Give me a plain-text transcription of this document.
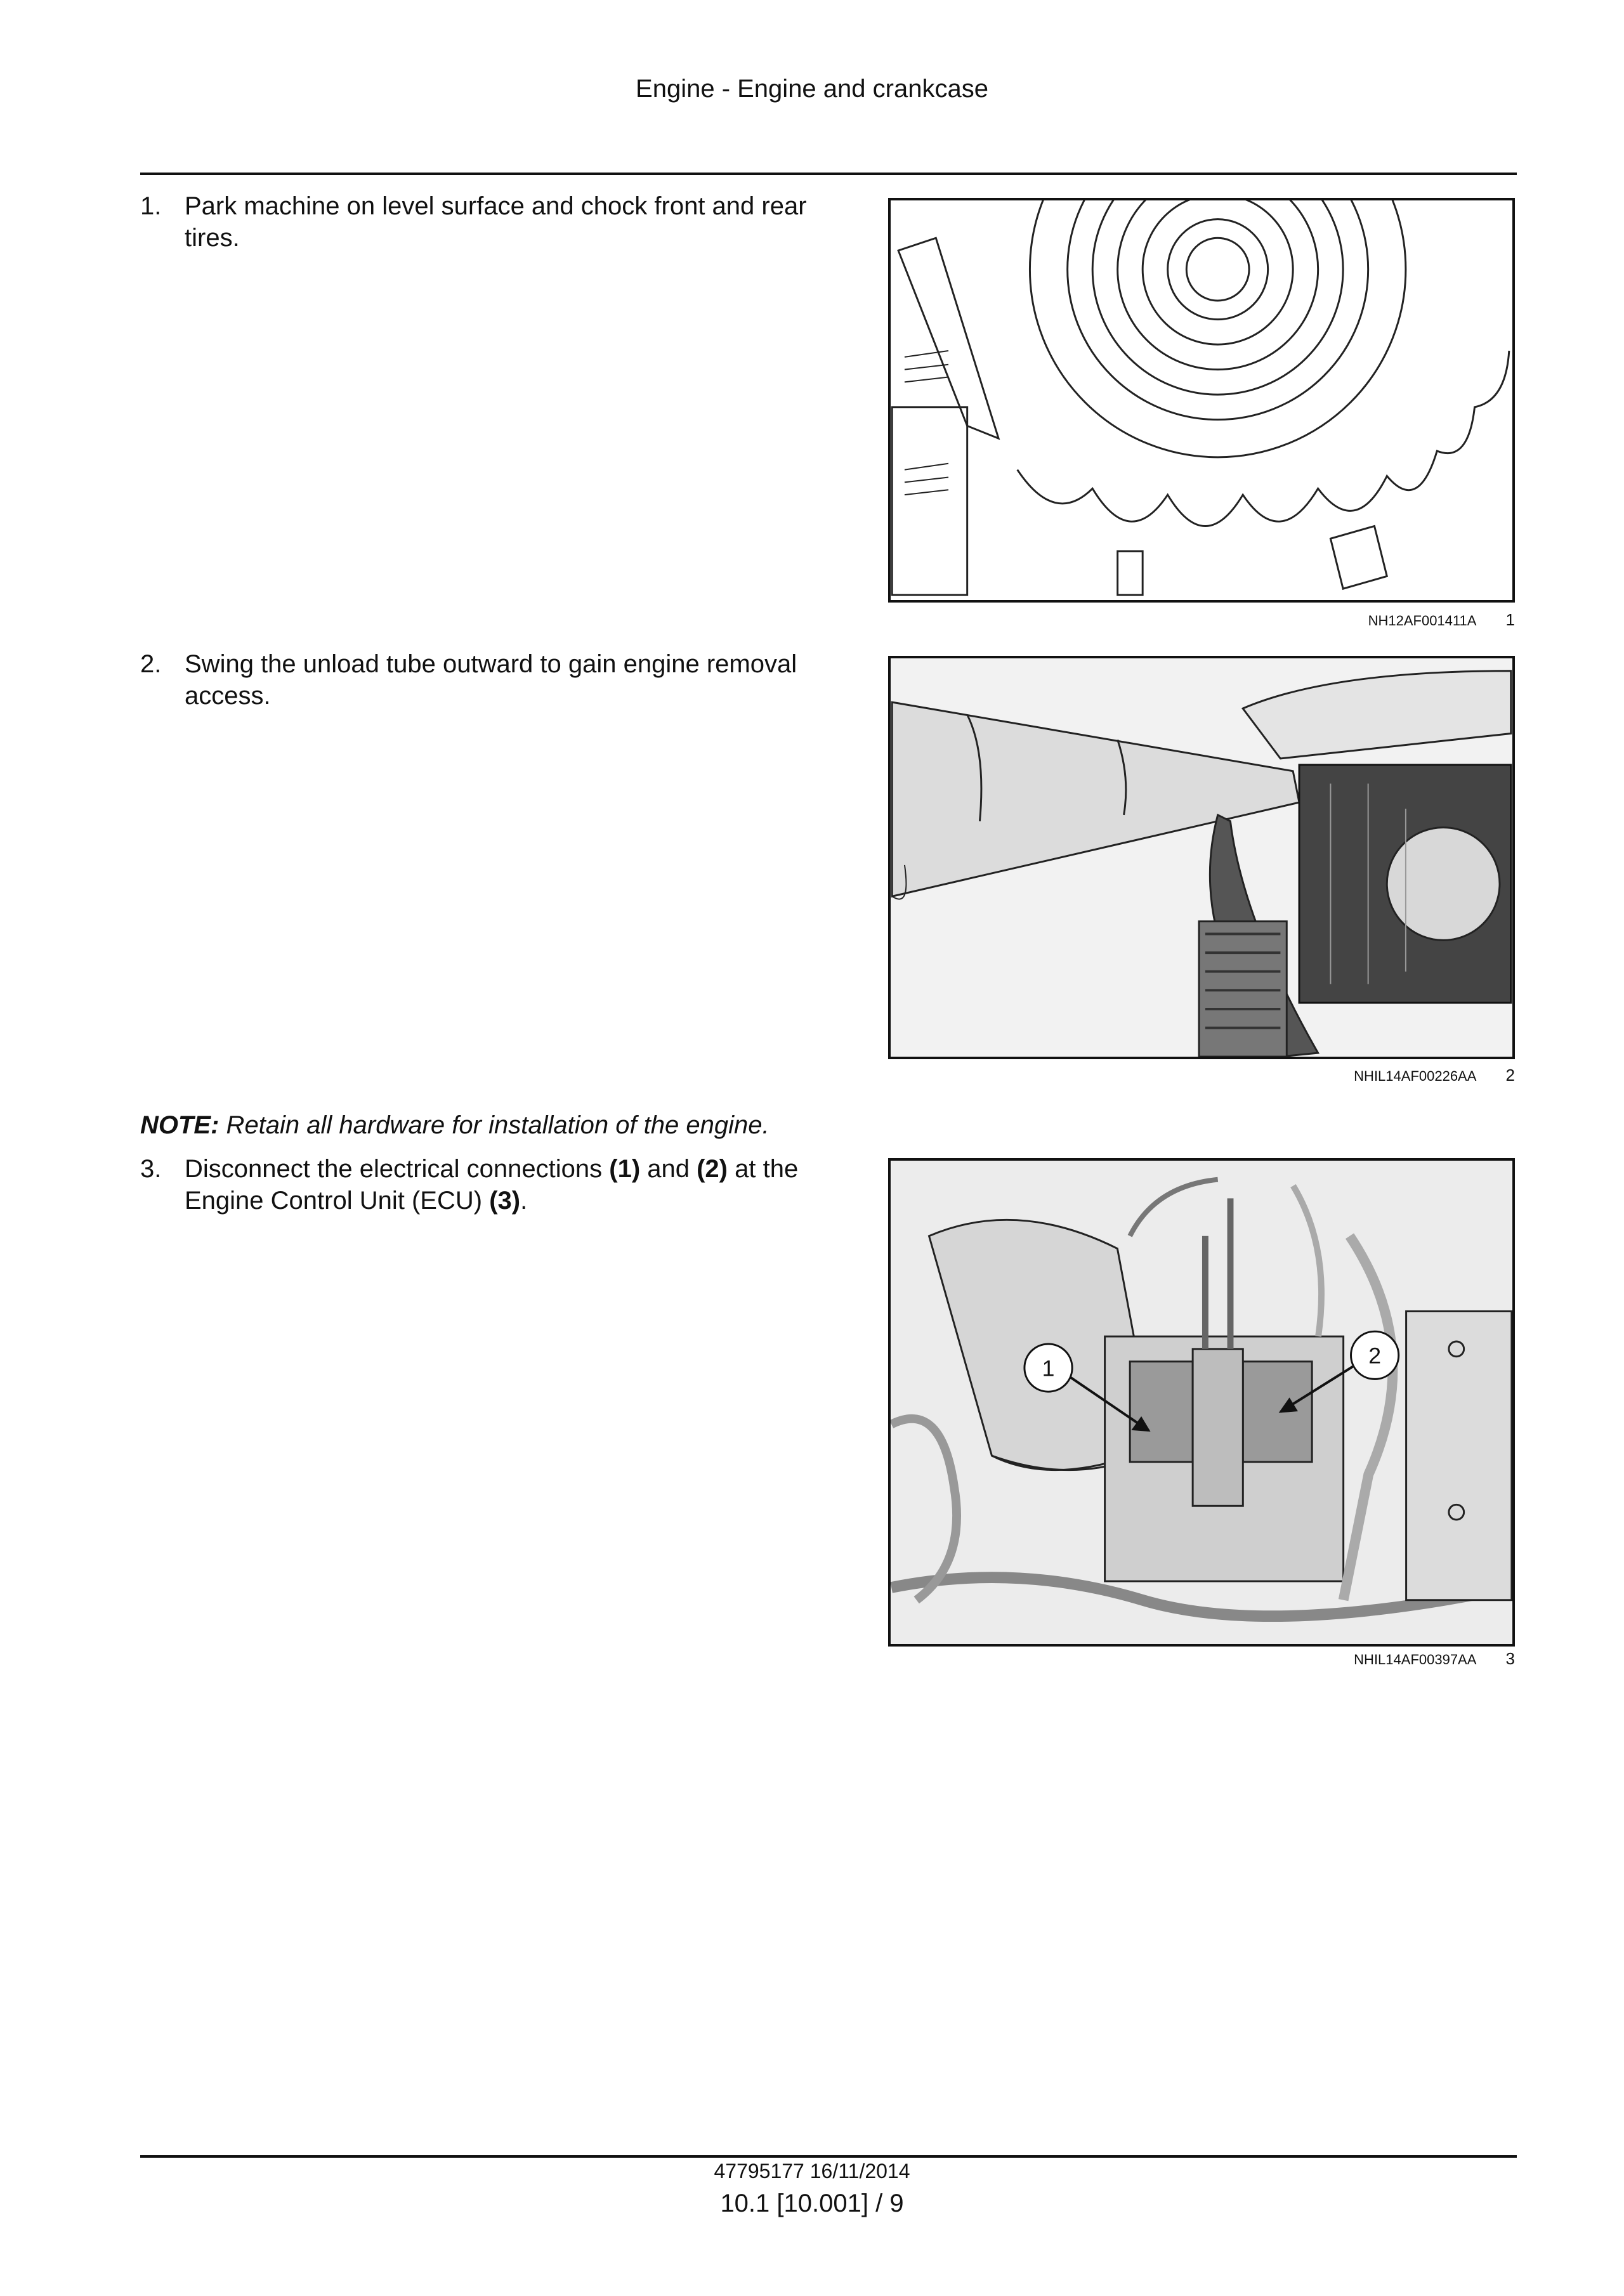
Engine - Engine and crankcase
1. Park machine on level surface and chock front and rear tires.
NH12AF001411A 1
2. Swing the unload tube outward to gain engine removal access.
NHIL14AF00226AA 2
NOTE: Retain all hardware for installation of the engine.
3. Disconnect the electrical connections (1) and (2) at the Engine Control Unit (ECU) (3).
1	2
NHIL14AF00397AA 3
47795177 16/11/2014
10.1 [10.001] / 9
